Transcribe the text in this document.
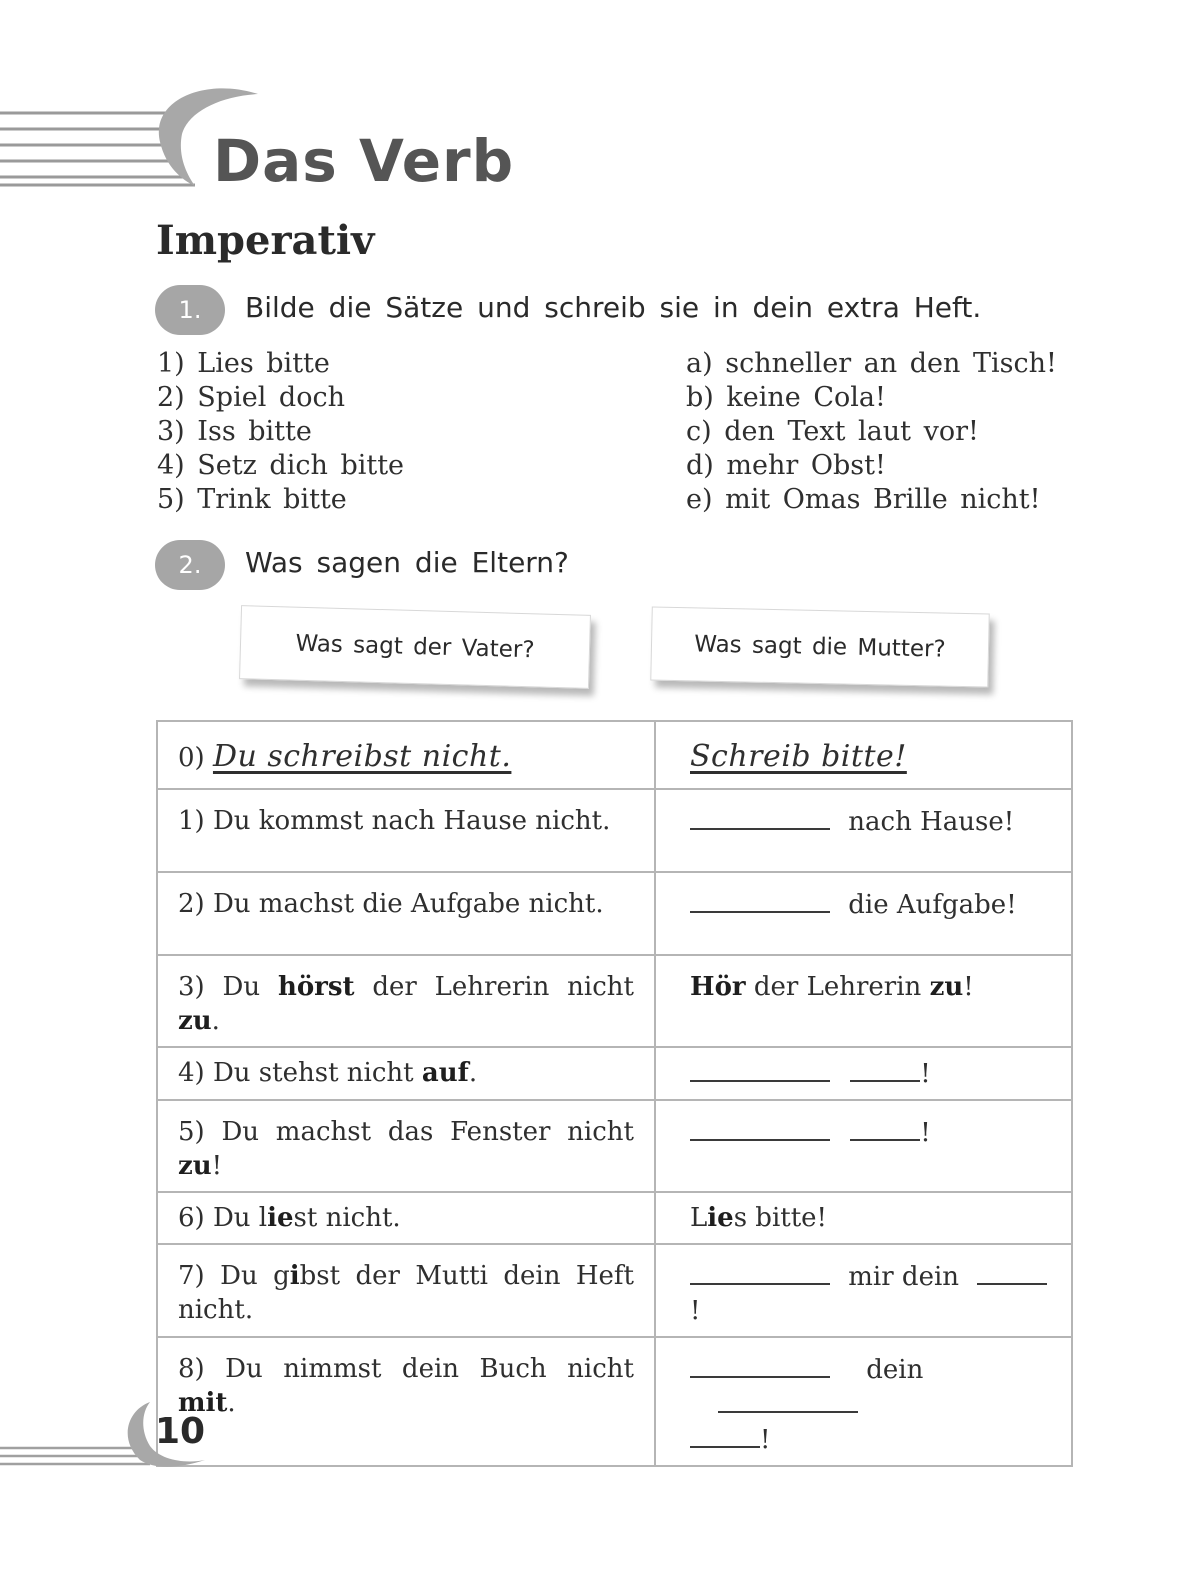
Das Verb
Imperativ
1.	Bilde die Sätze und schreib sie in dein extra Heft.
1) Lies bitte
2) Spiel doch
3) Iss bitte
4) Setz dich bitte
5) Trink bitte
a) schneller an den Tisch!
b) keine Cola!
c) den Text laut vor!
d) mehr Obst!
e) mit Omas Brille nicht!
2.	Was sagen die Eltern?
Was sagt der Vater?	Was sagt die Mutter?
0) Du schreibst nicht.	Schreib bitte!
1) Du kommst nach Hause nicht.	nach Hause!
2) Du machst die Aufgabe nicht.	die Aufgabe!
3) Du hörst der Lehrerin nicht zu.	Hör der Lehrerin zu!
4) Du stehst nicht auf.	!
5) Du machst das Fenster nicht zu!	!
6) Du liest nicht.	Lies bitte!
7) Du gibst der Mutti dein Heft nicht.	mir dein !
8) Du nimmst dein Buch nicht mit.	dein
!
10
